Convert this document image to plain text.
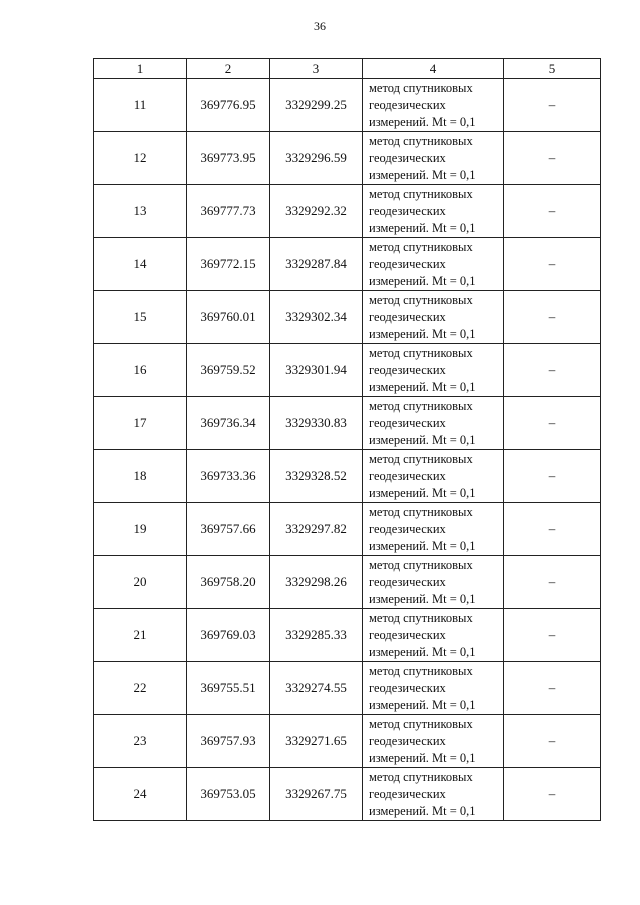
36
1	2	3	4	5
11	369776.95	3329299.25	метод спутниковых
геодезических
измерений. Mt = 0,1	–
12	369773.95	3329296.59	метод спутниковых
геодезических
измерений. Mt = 0,1	–
13	369777.73	3329292.32	метод спутниковых
геодезических
измерений. Mt = 0,1	–
14	369772.15	3329287.84	метод спутниковых
геодезических
измерений. Mt = 0,1	–
15	369760.01	3329302.34	метод спутниковых
геодезических
измерений. Mt = 0,1	–
16	369759.52	3329301.94	метод спутниковых
геодезических
измерений. Mt = 0,1	–
17	369736.34	3329330.83	метод спутниковых
геодезических
измерений. Mt = 0,1	–
18	369733.36	3329328.52	метод спутниковых
геодезических
измерений. Mt = 0,1	–
19	369757.66	3329297.82	метод спутниковых
геодезических
измерений. Mt = 0,1	–
20	369758.20	3329298.26	метод спутниковых
геодезических
измерений. Mt = 0,1	–
21	369769.03	3329285.33	метод спутниковых
геодезических
измерений. Mt = 0,1	–
22	369755.51	3329274.55	метод спутниковых
геодезических
измерений. Mt = 0,1	–
23	369757.93	3329271.65	метод спутниковых
геодезических
измерений. Mt = 0,1	–
24	369753.05	3329267.75	метод спутниковых
геодезических
измерений. Mt = 0,1	–
